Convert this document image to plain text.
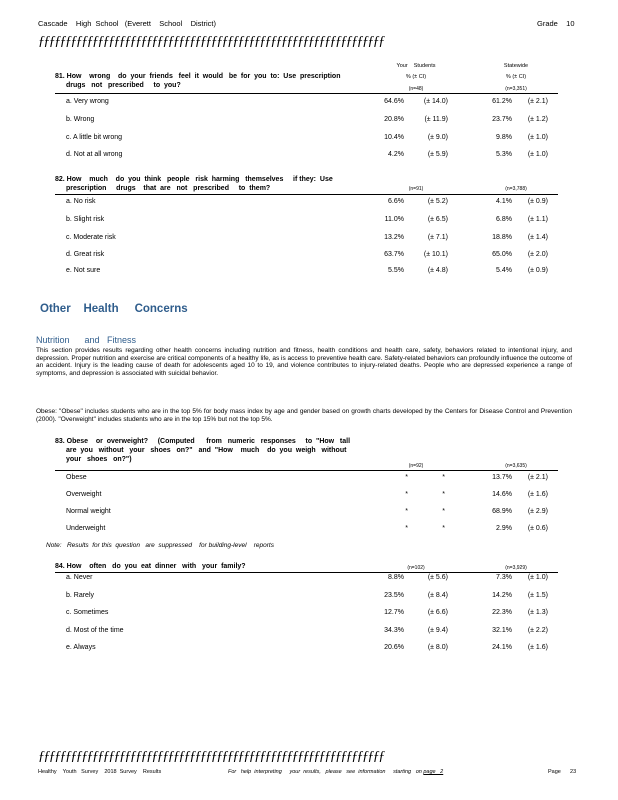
Cascade    High  School   (Everett    School    District)	Grade    10
ƒƒƒƒƒƒƒƒƒƒƒƒƒƒƒƒƒƒƒƒƒƒƒƒƒƒƒƒƒƒƒƒƒƒƒƒƒƒƒƒƒƒƒƒƒƒƒƒƒƒƒƒƒƒƒƒƒƒƒƒƒƒƒƒ
Your    Students	Statewide
% (± CI)	% (± CI)
81. How    wrong    do  your  friends   feel  it  would   be  for  you  to:  Use  prescription
drugs   not   prescribed     to  you?	(n=48)	(n=3,351)
a. Very wrong	64.6%	(± 14.0)	61.2% (± 2.1)
b. Wrong	20.8%	(± 11.9)	23.7% (± 1.2)
c. A little bit wrong	10.4%	(± 9.0)	9.8% (± 1.0)
d. Not at all wrong	4.2%	(± 5.9)	5.3% (± 1.0)
82. How    much    do  you  think   people   risk  harming   themselves     if they:  Use
prescription     drugs    that  are   not   prescribed     to  them?	(n=91)	(n=3,788)
a. No risk	6.6%	(± 5.2)	4.1% (± 0.9)
b. Slight risk	11.0%	(± 6.5)	6.8% (± 1.1)
c. Moderate risk	13.2%	(± 7.1)	18.8% (± 1.4)
d. Great risk	63.7%	(± 10.1)	65.0% (± 2.0)
e. Not sure	5.5%	(± 4.8)	5.4% (± 0.9)
Other    Health     Concerns
Nutrition      and   Fitness
This section provides results regarding other health concerns including nutrition and fitness, health conditions and health care, safety, behaviors related to intentional injury, and depression. Proper nutrition and exercise are critical components of a healthy life, as is access to preventive health care. Safety-related behaviors can profoundly influence the outcome of an accident. Injury is the leading cause of death for adolescents aged 10 to 19, and violence contributes to injury-related deaths. People who are depressed experience a range of symptoms, and depression is associated with suicidal behavior.
Obese: "Obese" includes students who are in the top 5% for body mass index by age and gender based on growth charts developed by the Centers for Disease Control and Prevention (2000). "Overweight" includes students who are in the top 15% but not the top 5%.
83. Obese    or  overweight?     (Computed      from   numeric   responses     to  "How   tall
are  you   without   your   shoes   on?"   and  "How    much    do  you  weigh   without
your   shoes   on?")
(n=92)	(n=3,635)
Obese	*	*	13.7% (± 2.1)
Overweight	*	*	14.6% (± 1.6)
Normal weight	*	*	68.9% (± 2.9)
Underweight	*	*	2.9% (± 0.6)
Note:   Results  for this  question   are  suppressed    for building-level    reports
84. How    often   do  you  eat  dinner   with   your  family?	(n=102)	(n=3,929)
a. Never	8.8%	(± 5.6)	7.3% (± 1.0)
b. Rarely	23.5%	(± 8.4)	14.2% (± 1.5)
c. Sometimes	12.7%	(± 6.6)	22.3% (± 1.3)
d. Most of the time	34.3%	(± 9.4)	32.1% (± 2.2)
e. Always	20.6%	(± 8.0)	24.1% (± 1.6)
ƒƒƒƒƒƒƒƒƒƒƒƒƒƒƒƒƒƒƒƒƒƒƒƒƒƒƒƒƒƒƒƒƒƒƒƒƒƒƒƒƒƒƒƒƒƒƒƒƒƒƒƒƒƒƒƒƒƒƒƒƒƒƒƒ
Healthy    Youth   Survey    2018  Survey    Results	For   help  interpreting     your  results,   please   see  information     starting   on page   2	Page      23
